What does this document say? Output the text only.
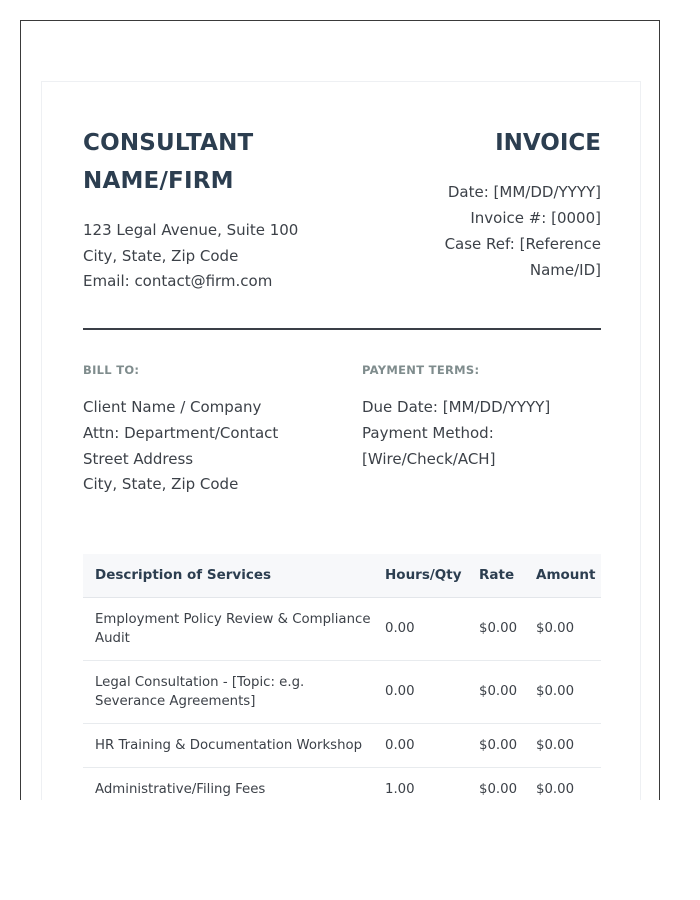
CONSULTANT
NAME/FIRM
123 Legal Avenue, Suite 100
City, State, Zip Code
Email: contact@firm.com
INVOICE
Date: [MM/DD/YYYY]
Invoice #: [0000]
Case Ref: [Reference
Name/ID]
BILL TO:
Client Name / Company
Attn: Department/Contact
Street Address
City, State, Zip Code
PAYMENT TERMS:
Due Date: [MM/DD/YYYY]
Payment Method:
[Wire/Check/ACH]
Description of Services	Hours/Qty	Rate	Amount
Employment Policy Review & Compliance Audit	0.00	$0.00	$0.00
Legal Consultation - [Topic: e.g. Severance Agreements]	0.00	$0.00	$0.00
HR Training & Documentation Workshop	0.00	$0.00	$0.00
Administrative/Filing Fees	1.00	$0.00	$0.00
